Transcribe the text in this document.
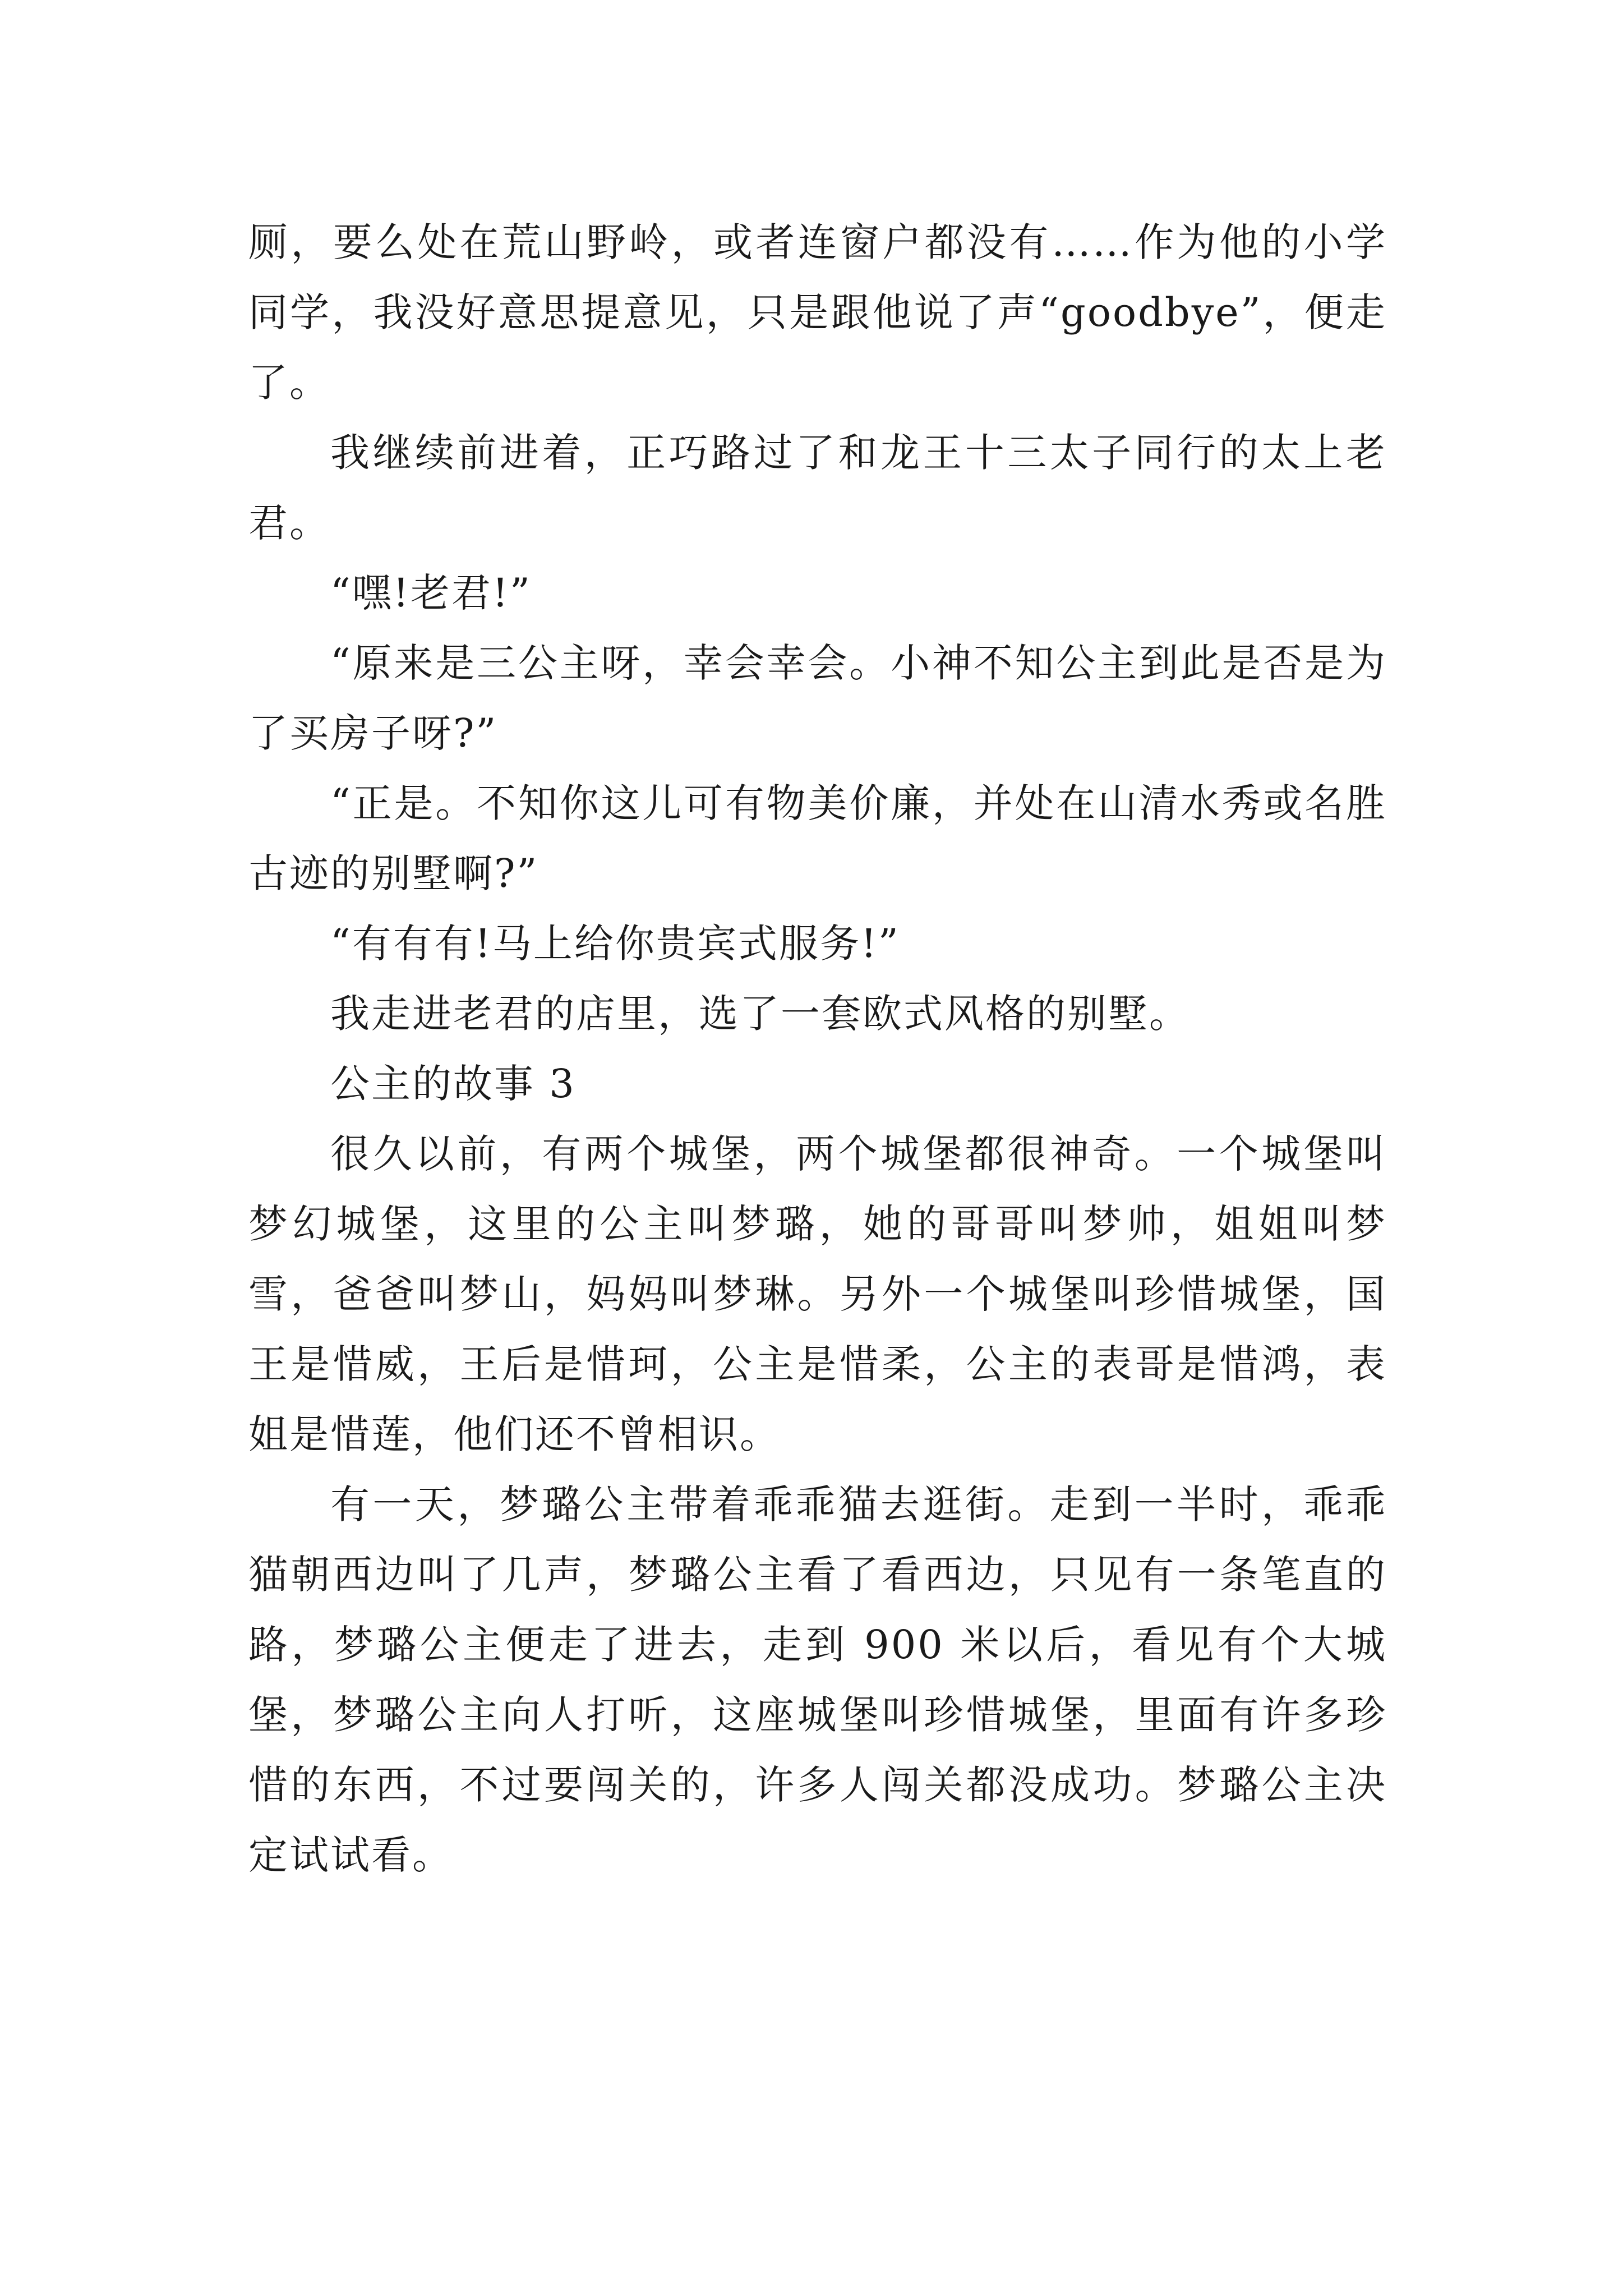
厕，要么处在荒山野岭，或者连窗户都没有……作为他的小学同学，我没好意思提意见，只是跟他说了声“goodbye”，便走了。

我继续前进着，正巧路过了和龙王十三太子同行的太上老君。

“嘿!老君!”

“原来是三公主呀，幸会幸会。小神不知公主到此是否是为了买房子呀?”

“正是。不知你这儿可有物美价廉，并处在山清水秀或名胜古迹的别墅啊?”

“有有有!马上给你贵宾式服务!”

我走进老君的店里，选了一套欧式风格的别墅。

公主的故事 3

很久以前，有两个城堡，两个城堡都很神奇。一个城堡叫梦幻城堡，这里的公主叫梦璐，她的哥哥叫梦帅，姐姐叫梦雪，爸爸叫梦山，妈妈叫梦琳。另外一个城堡叫珍惜城堡，国王是惜威，王后是惜珂，公主是惜柔，公主的表哥是惜鸿，表姐是惜莲，他们还不曾相识。

有一天，梦璐公主带着乖乖猫去逛街。走到一半时，乖乖猫朝西边叫了几声，梦璐公主看了看西边，只见有一条笔直的路，梦璐公主便走了进去，走到 900 米以后，看见有个大城堡，梦璐公主向人打听，这座城堡叫珍惜城堡，里面有许多珍惜的东西，不过要闯关的，许多人闯关都没成功。梦璐公主决定试试看。
